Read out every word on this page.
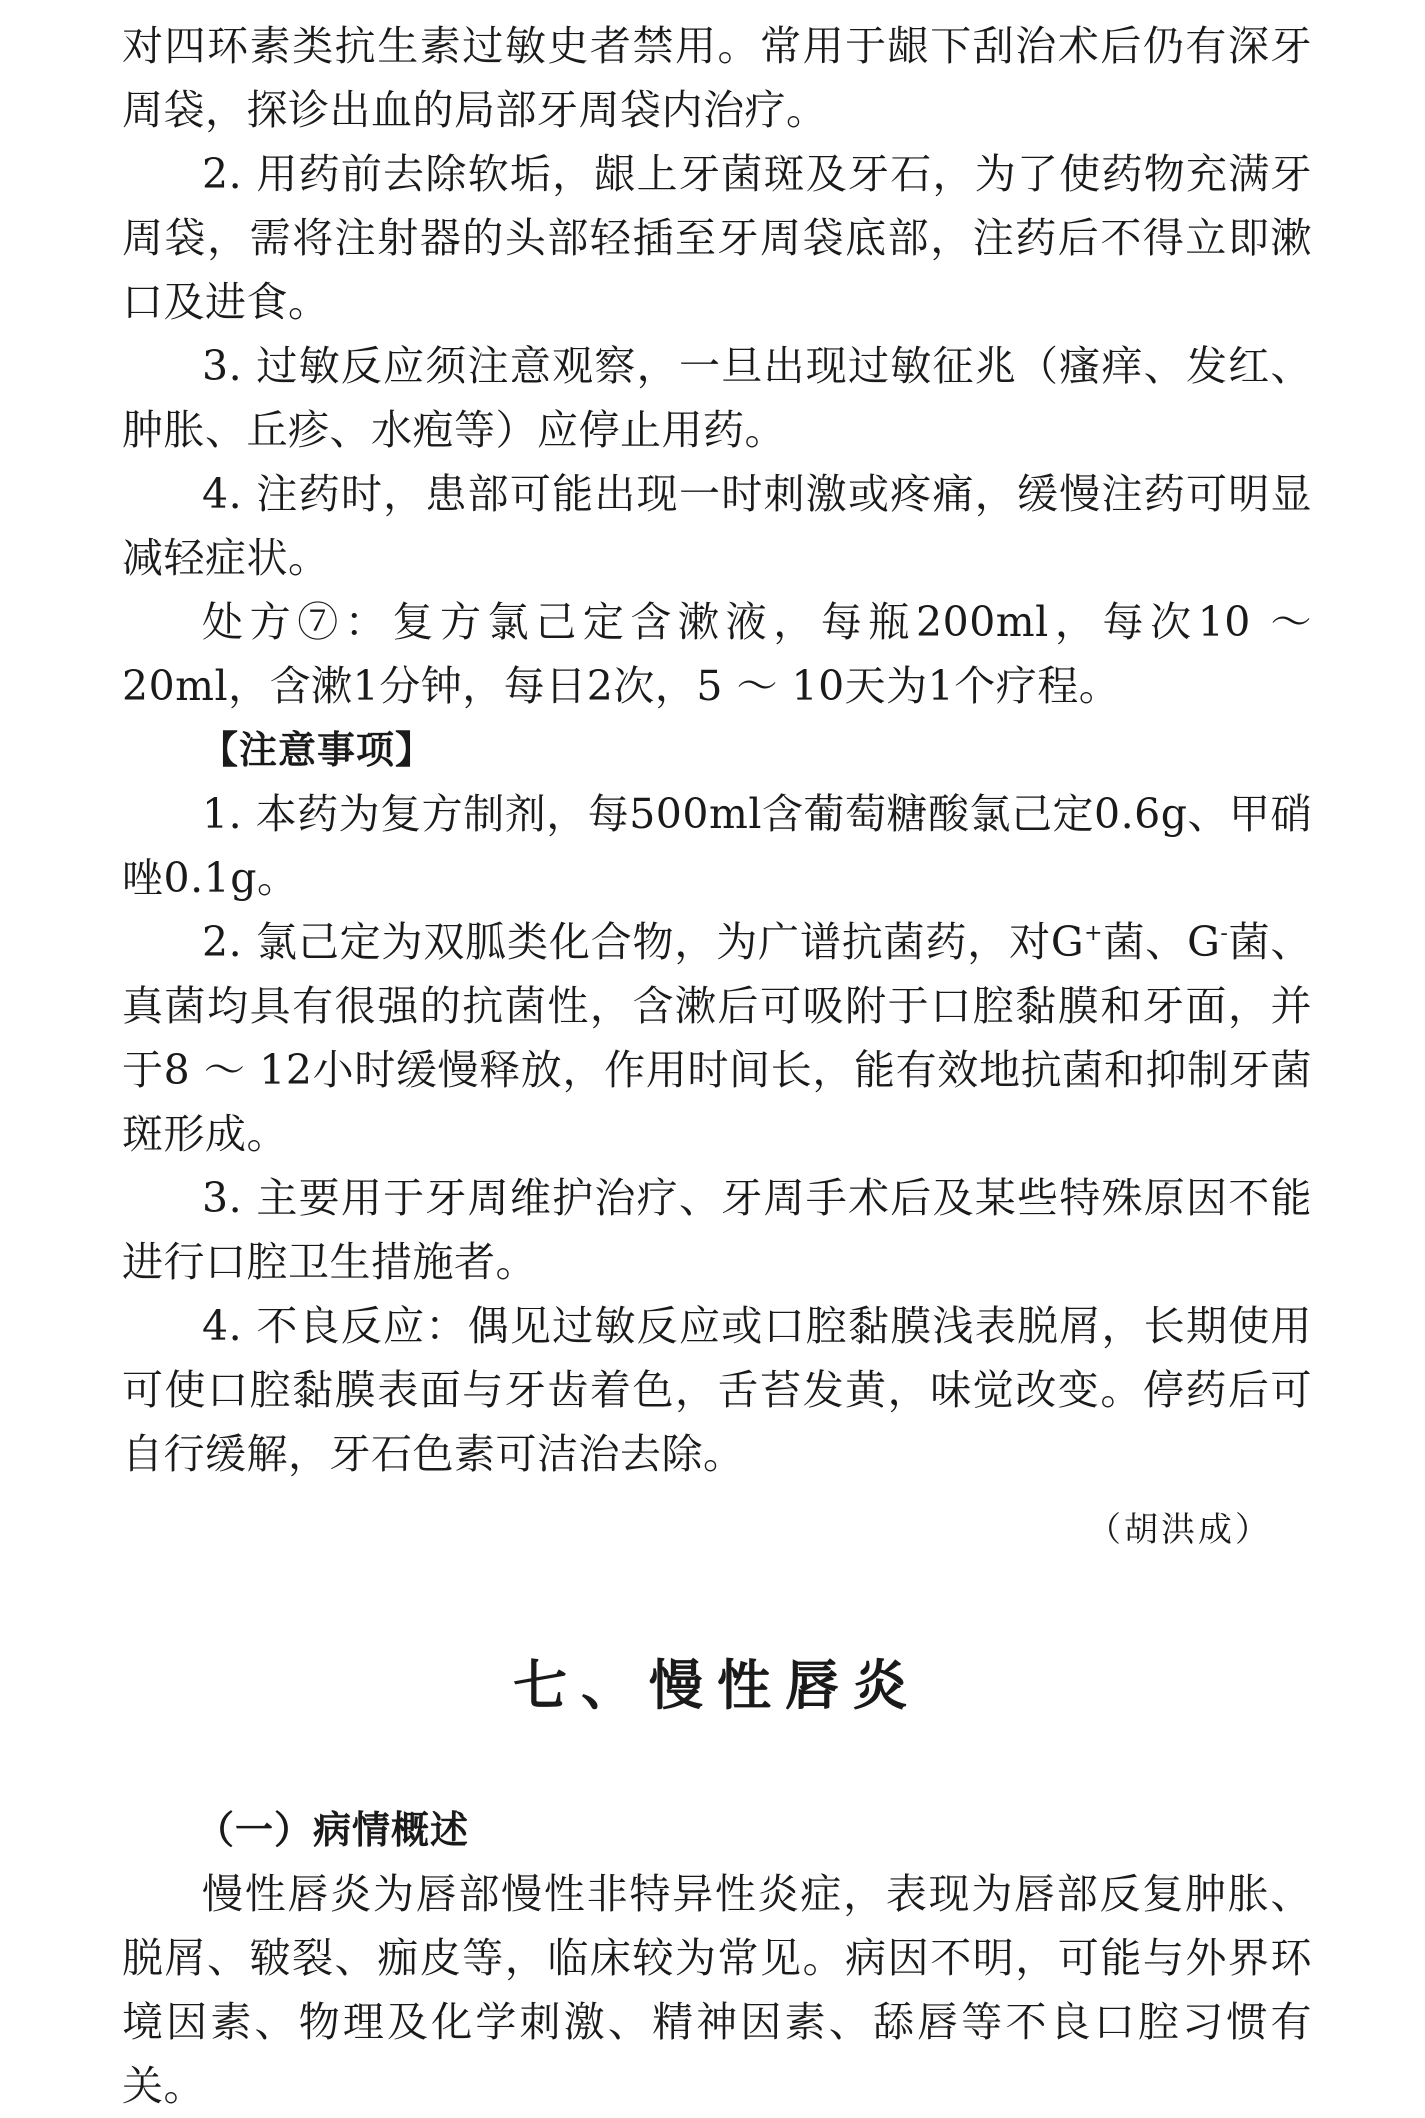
对四环素类抗生素过敏史者禁用。常用于龈下刮治术后仍有深牙周袋，探诊出血的局部牙周袋内治疗。

2. 用药前去除软垢，龈上牙菌斑及牙石，为了使药物充满牙周袋，需将注射器的头部轻插至牙周袋底部，注药后不得立即漱口及进食。

3. 过敏反应须注意观察，一旦出现过敏征兆（瘙痒、发红、肿胀、丘疹、水疱等）应停止用药。

4. 注药时，患部可能出现一时刺激或疼痛，缓慢注药可明显减轻症状。

处方⑦：复方氯己定含漱液，每瓶200ml，每次10 ～ 20ml，含漱1分钟，每日2次，5 ～ 10天为1个疗程。

【注意事项】

1. 本药为复方制剂，每500ml含葡萄糖酸氯己定0.6g、甲硝唑0.1g。

2. 氯己定为双胍类化合物，为广谱抗菌药，对G+菌、G-菌、真菌均具有很强的抗菌性，含漱后可吸附于口腔黏膜和牙面，并于8 ～ 12小时缓慢释放，作用时间长，能有效地抗菌和抑制牙菌斑形成。

3. 主要用于牙周维护治疗、牙周手术后及某些特殊原因不能进行口腔卫生措施者。

4. 不良反应：偶见过敏反应或口腔黏膜浅表脱屑，长期使用可使口腔黏膜表面与牙齿着色，舌苔发黄，味觉改变。停药后可自行缓解，牙石色素可洁治去除。

（胡洪成）

七、慢性唇炎

（一）病情概述

慢性唇炎为唇部慢性非特异性炎症，表现为唇部反复肿胀、脱屑、皲裂、痂皮等，临床较为常见。病因不明，可能与外界环境因素、物理及化学刺激、精神因素、舔唇等不良口腔习惯有关。
